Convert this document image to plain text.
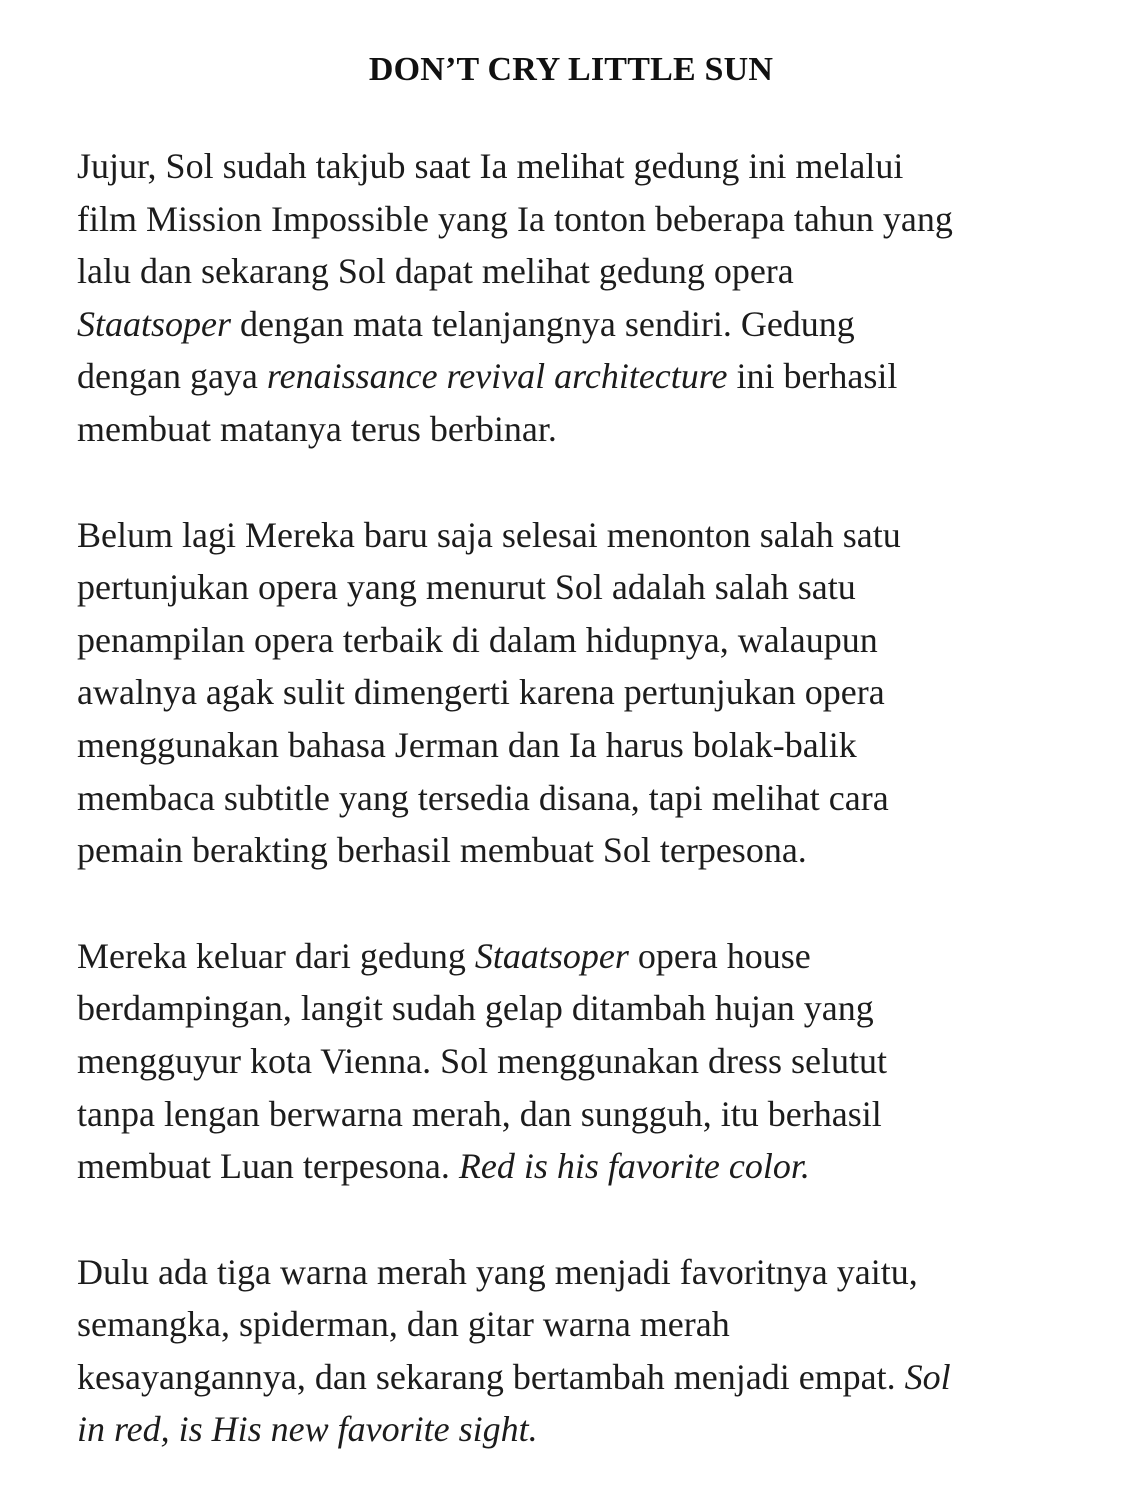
DON’T CRY LITTLE SUN

Jujur, Sol sudah takjub saat Ia melihat gedung ini melalui
film Mission Impossible yang Ia tonton beberapa tahun yang
lalu dan sekarang Sol dapat melihat gedung opera
Staatsoper dengan mata telanjangnya sendiri. Gedung
dengan gaya renaissance revival architecture ini berhasil
membuat matanya terus berbinar.

Belum lagi Mereka baru saja selesai menonton salah satu
pertunjukan opera yang menurut Sol adalah salah satu
penampilan opera terbaik di dalam hidupnya, walaupun
awalnya agak sulit dimengerti karena pertunjukan opera
menggunakan bahasa Jerman dan Ia harus bolak-balik
membaca subtitle yang tersedia disana, tapi melihat cara
pemain berakting berhasil membuat Sol terpesona.

Mereka keluar dari gedung Staatsoper opera house
berdampingan, langit sudah gelap ditambah hujan yang
mengguyur kota Vienna. Sol menggunakan dress selutut
tanpa lengan berwarna merah, dan sungguh, itu berhasil
membuat Luan terpesona. Red is his favorite color.

Dulu ada tiga warna merah yang menjadi favoritnya yaitu,
semangka, spiderman, dan gitar warna merah
kesayangannya, dan sekarang bertambah menjadi empat. Sol
in red, is His new favorite sight.
